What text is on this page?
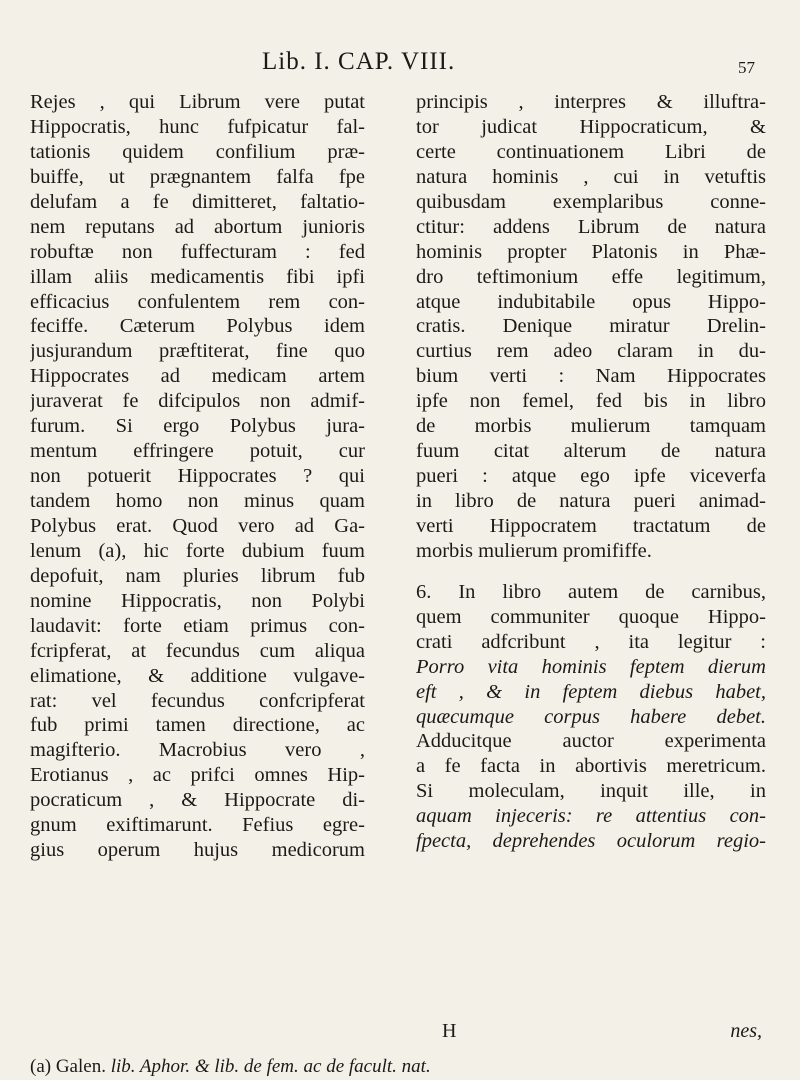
Lib. I. CAP. VIII.	57
Rejes , qui Librum vere putat
Hippocratis, hunc fufpicatur fal-
tationis quidem confilium præ-
buiffe, ut prægnantem falfa fpe
delufam a fe dimitteret, faltatio-
nem reputans ad abortum junioris
robuftæ non fuffecturam : fed
illam aliis medicamentis fibi ipfi
efficacius confulentem rem con-
feciffe. Cæterum Polybus idem
jusjurandum præftiterat, fine quo
Hippocrates ad medicam artem
juraverat fe difcipulos non admif-
furum. Si ergo Polybus jura-
mentum effringere potuit, cur
non potuerit Hippocrates ? qui
tandem homo non minus quam
Polybus erat. Quod vero ad Ga-
lenum (a), hic forte dubium fuum
depofuit, nam pluries librum fub
nomine Hippocratis, non Polybi
laudavit: forte etiam primus con-
fcripferat, at fecundus cum aliqua
elimatione, & additione vulgave-
rat: vel fecundus confcripferat
fub primi tamen directione, ac
magifterio. Macrobius vero ,
Erotianus , ac prifci omnes Hip-
pocraticum , & Hippocrate di-
gnum exiftimarunt. Fefius egre-
gius operum hujus medicorum
principis , interpres & illuftra-
tor judicat Hippocraticum, &
certe continuationem Libri de
natura hominis , cui in vetuftis
quibusdam exemplaribus conne-
ctitur: addens Librum de natura
hominis propter Platonis in Phæ-
dro teftimonium effe legitimum,
atque indubitabile opus Hippo-
cratis. Denique miratur Drelin-
curtius rem adeo claram in du-
bium verti : Nam Hippocrates
ipfe non femel, fed bis in libro
de morbis mulierum tamquam
fuum citat alterum de natura
pueri : atque ego ipfe viceverfa
in libro de natura pueri animad-
verti Hippocratem tractatum de
morbis mulierum promififfe.
6. In libro autem de carnibus,
quem communiter quoque Hippo-
crati adfcribunt , ita legitur :
Porro vita hominis feptem dierum
eft , & in feptem diebus habet,
quæcumque corpus habere debet.
Adducitque auctor experimenta
a fe facta in abortivis meretricum.
Si moleculam, inquit ille, in
aquam injeceris: re attentius con-
fpecta, deprehendes oculorum regio-
H	nes,
(a) Galen. lib. Aphor. & lib. de fem. ac de facult. nat.
